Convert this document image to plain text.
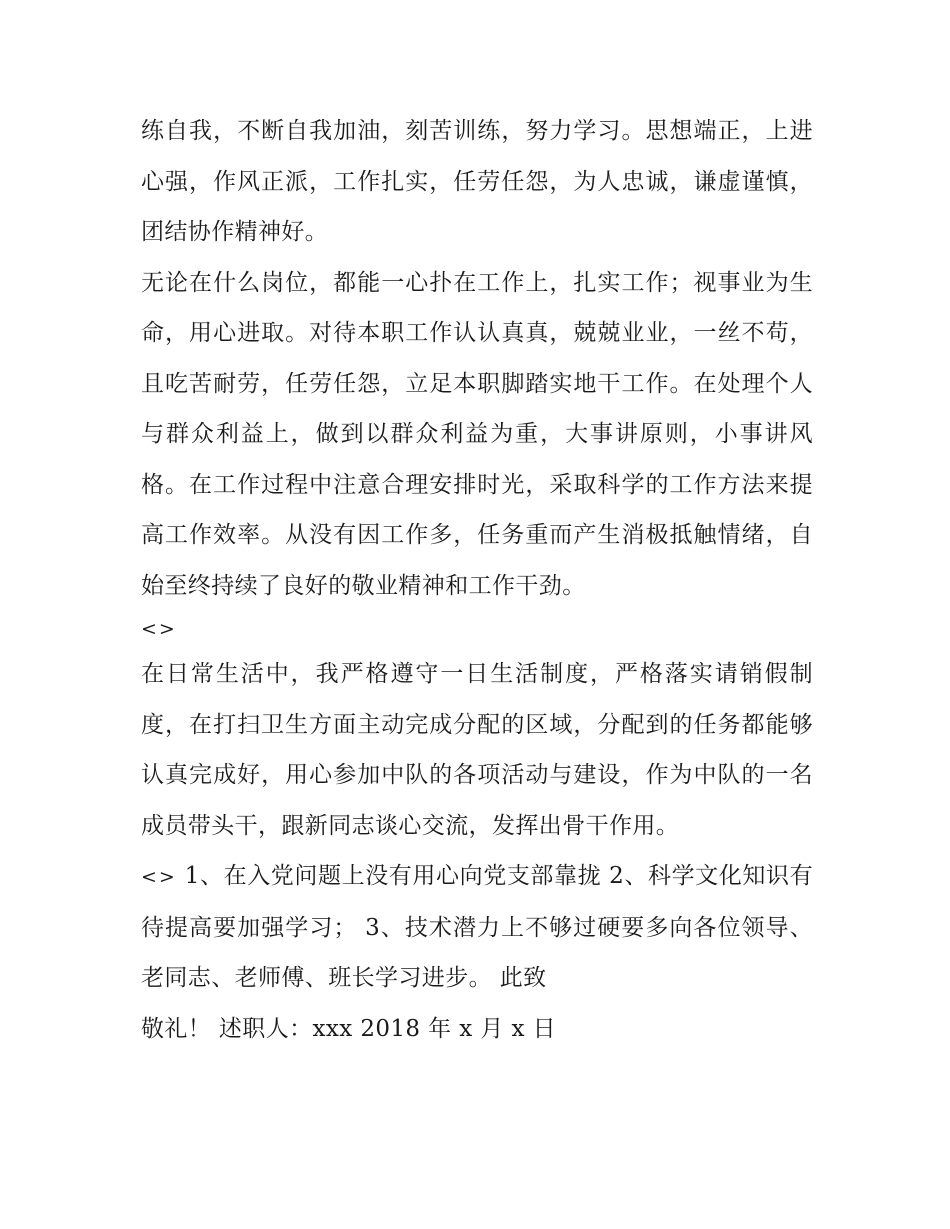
练自我，不断自我加油，刻苦训练，努力学习。思想端正，上进心强，作风正派，工作扎实，任劳任怨，为人忠诚，谦虚谨慎，团结协作精神好。

无论在什么岗位，都能一心扑在工作上，扎实工作；视事业为生命，用心进取。对待本职工作认认真真，兢兢业业，一丝不苟，且吃苦耐劳，任劳任怨，立足本职脚踏实地干工作。在处理个人与群众利益上，做到以群众利益为重，大事讲原则，小事讲风格。在工作过程中注意合理安排时光，采取科学的工作方法来提高工作效率。从没有因工作多，任务重而产生消极抵触情绪，自始至终持续了良好的敬业精神和工作干劲。

<>

在日常生活中，我严格遵守一日生活制度，严格落实请销假制度，在打扫卫生方面主动完成分配的区域，分配到的任务都能够认真完成好，用心参加中队的各项活动与建设，作为中队的一名成员带头干，跟新同志谈心交流，发挥出骨干作用。

<> 1、在入党问题上没有用心向党支部靠拢 2、科学文化知识有待提高要加强学习； 3、技术潜力上不够过硬要多向各位领导、老同志、老师傅、班长学习进步。 此致

敬礼！ 述职人：xxx 2018 年 x 月 x 日
